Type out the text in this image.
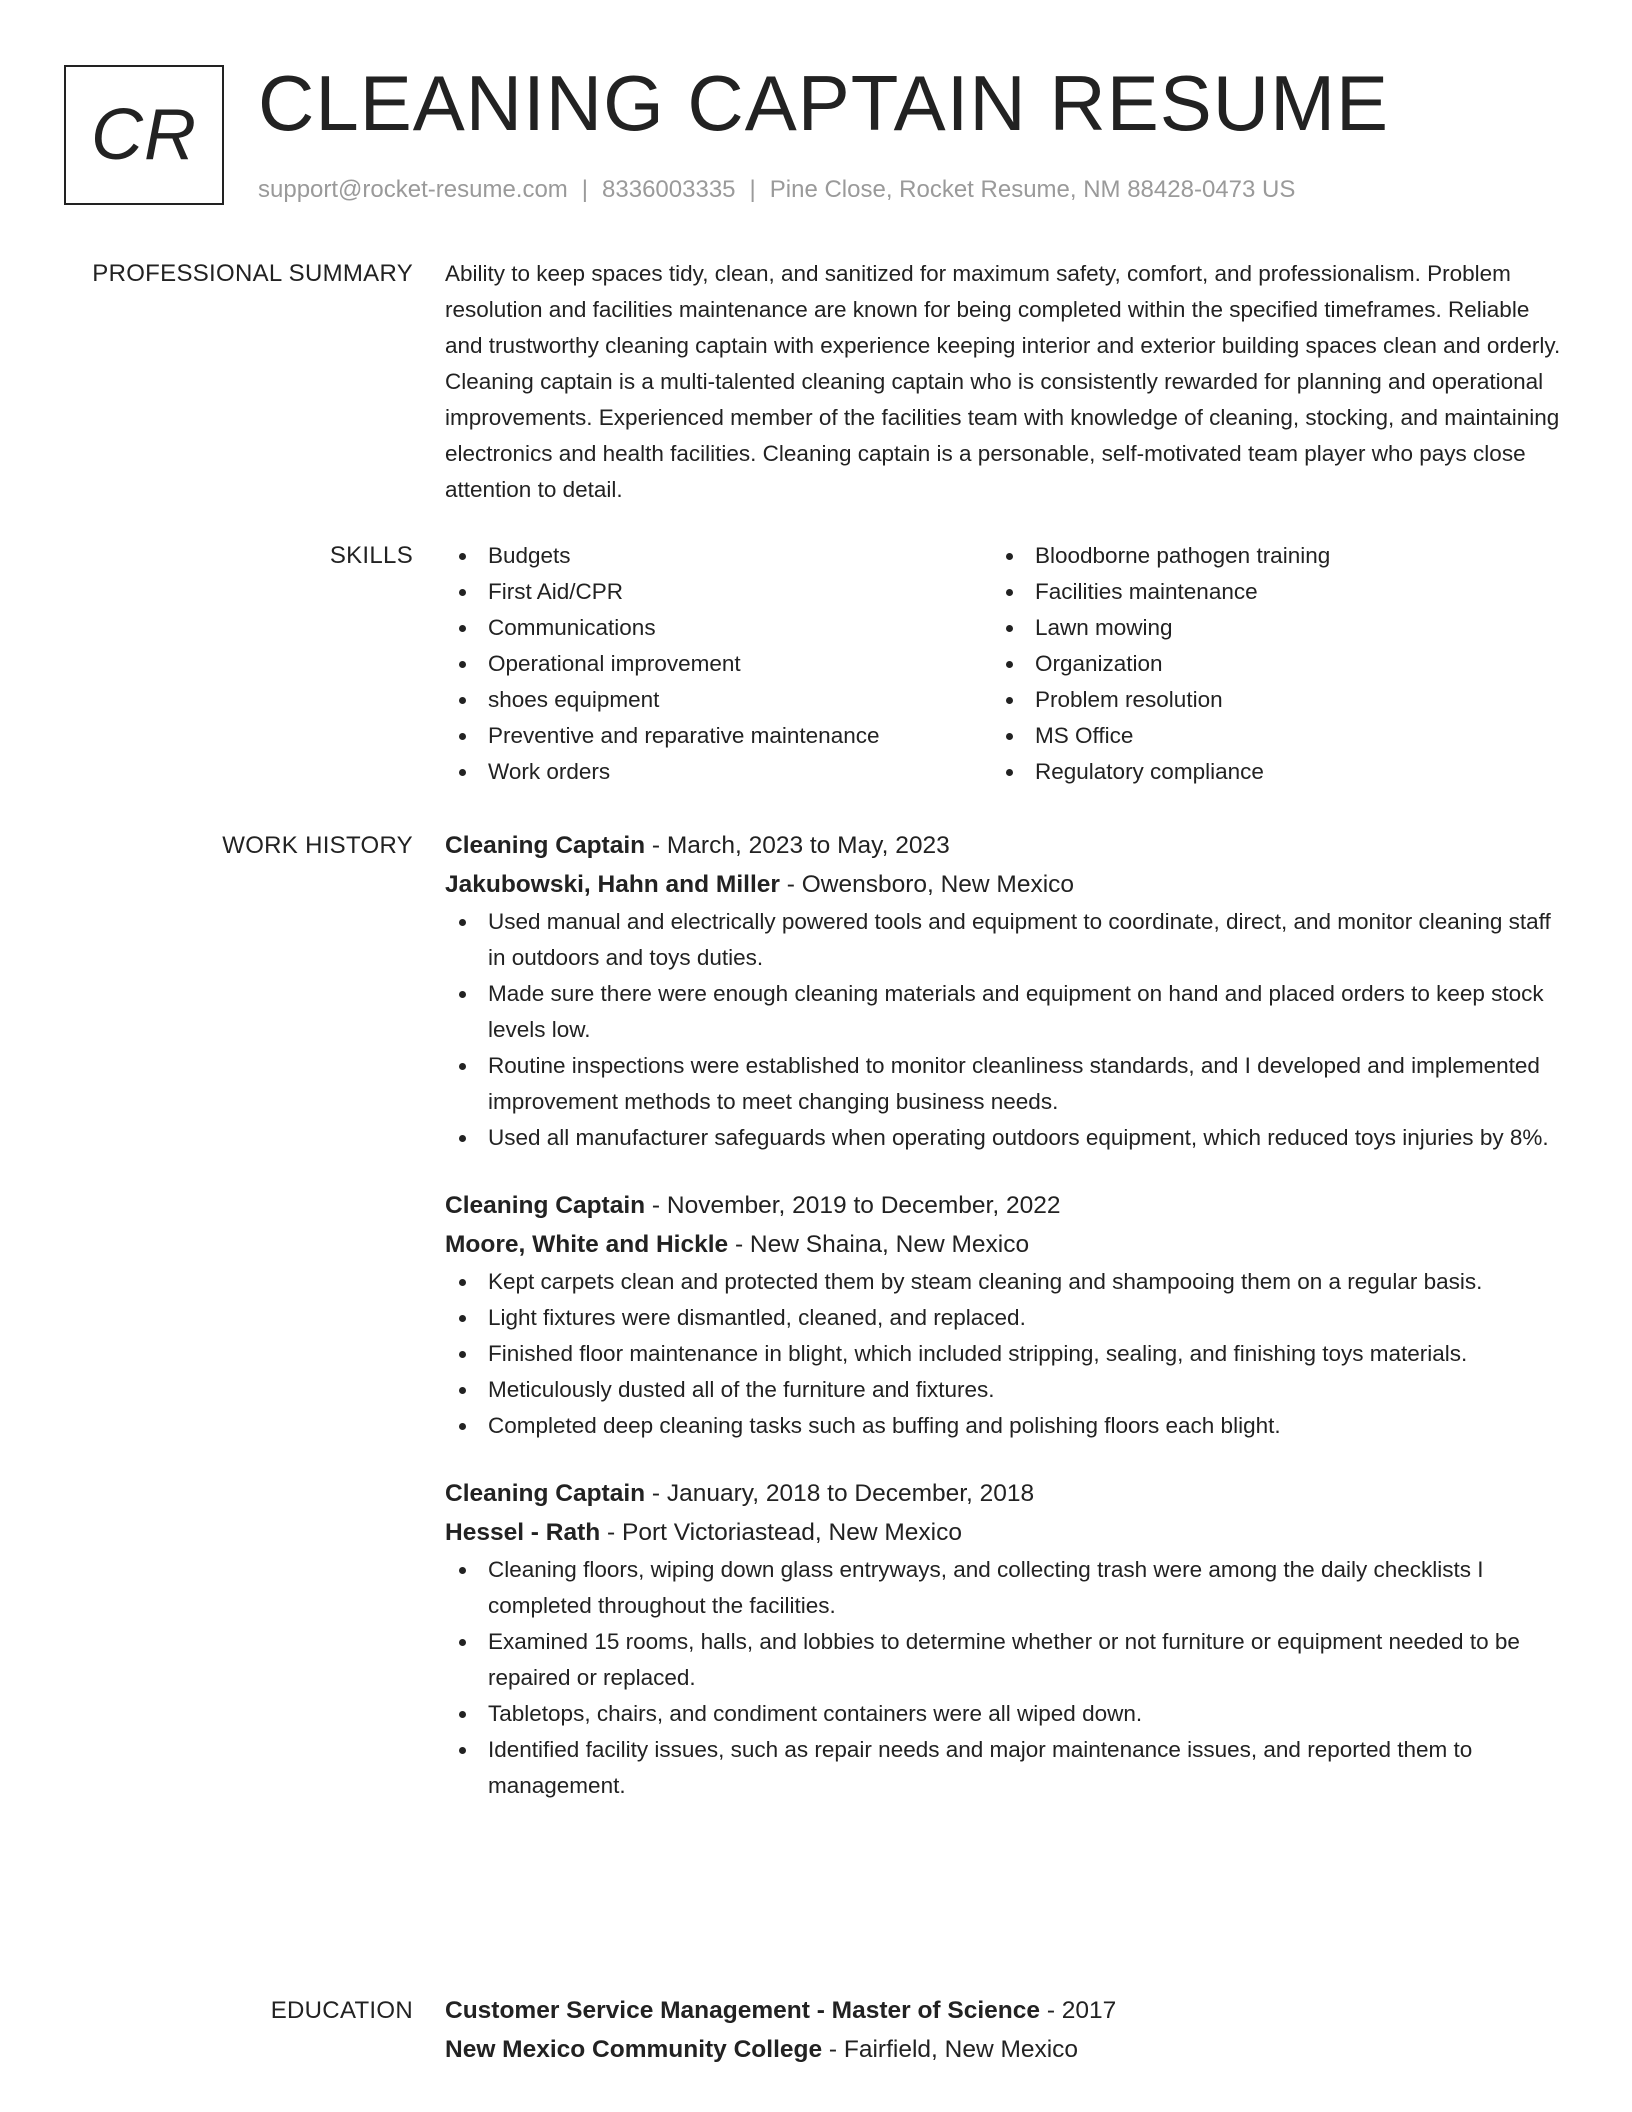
CR CLEANING CAPTAIN RESUME
support@rocket-resume.com | 8336003335 | Pine Close, Rocket Resume, NM 88428-0473 US
PROFESSIONAL SUMMARY Ability to keep spaces tidy, clean, and sanitized for maximum safety, comfort, and professionalism. Problem resolution and facilities maintenance are known for being completed within the specified timeframes. Reliable and trustworthy cleaning captain with experience keeping interior and exterior building spaces clean and orderly. Cleaning captain is a multi-talented cleaning captain who is consistently rewarded for planning and operational improvements. Experienced member of the facilities team with knowledge of cleaning, stocking, and maintaining electronics and health facilities. Cleaning captain is a personable, self-motivated team player who pays close attention to detail.

SKILLS	Budgets
First Aid/CPR
Communications
Operational improvement
shoes equipment
Preventive and reparative maintenance
Work orders
Bloodborne pathogen training
Facilities maintenance
Lawn mowing
Organization
Problem resolution
MS Office
Regulatory compliance
WORK HISTORY Cleaning Captain - March, 2023 to May, 2023
Jakubowski, Hahn and Miller - Owensboro, New Mexico
Used manual and electrically powered tools and equipment to coordinate, direct, and monitor cleaning staff in outdoors and toys duties.
Made sure there were enough cleaning materials and equipment on hand and placed orders to keep stock levels low.
Routine inspections were established to monitor cleanliness standards, and I developed and implemented improvement methods to meet changing business needs.
Used all manufacturer safeguards when operating outdoors equipment, which reduced toys injuries by 8%.
Cleaning Captain - November, 2019 to December, 2022
Moore, White and Hickle - New Shaina, New Mexico
Kept carpets clean and protected them by steam cleaning and shampooing them on a regular basis.
Light fixtures were dismantled, cleaned, and replaced.
Finished floor maintenance in blight, which included stripping, sealing, and finishing toys materials.
Meticulously dusted all of the furniture and fixtures.
Completed deep cleaning tasks such as buffing and polishing floors each blight.
Cleaning Captain - January, 2018 to December, 2018
Hessel - Rath - Port Victoriastead, New Mexico
Cleaning floors, wiping down glass entryways, and collecting trash were among the daily checklists I completed throughout the facilities.
Examined 15 rooms, halls, and lobbies to determine whether or not furniture or equipment needed to be repaired or replaced.
Tabletops, chairs, and condiment containers were all wiped down.
Identified facility issues, such as repair needs and major maintenance issues, and reported them to management.
EDUCATION Customer Service Management - Master of Science - 2017
New Mexico Community College - Fairfield, New Mexico
